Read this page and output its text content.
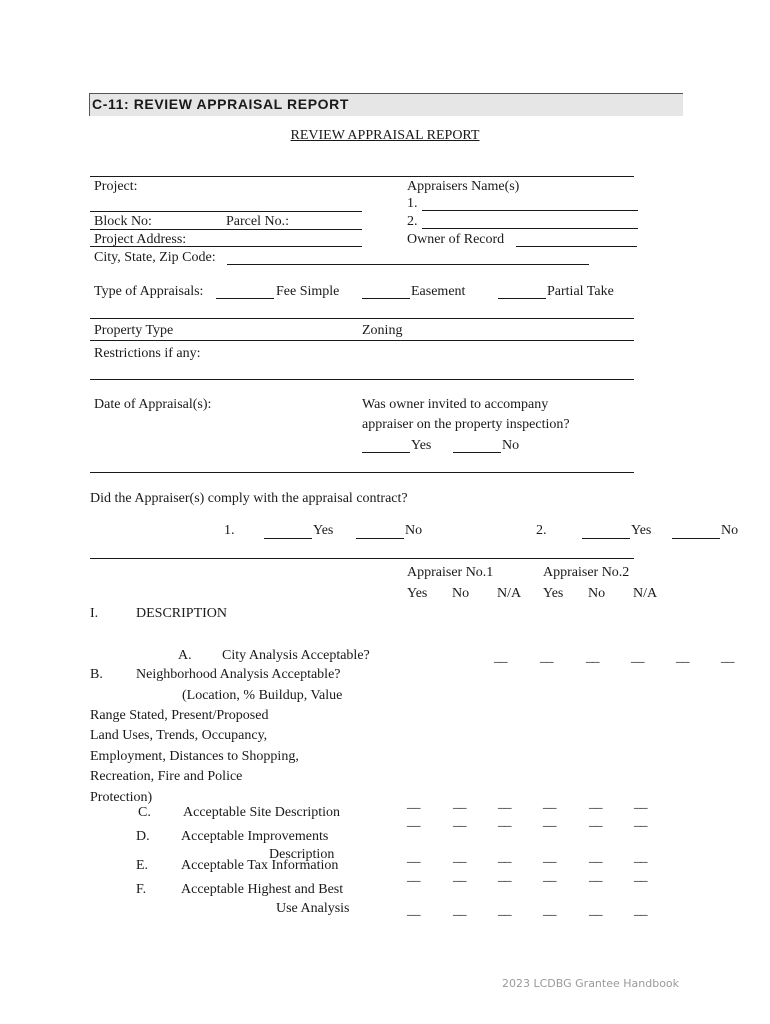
C-11: REVIEW APPRAISAL REPORT
REVIEW APPRAISAL REPORT
Project:	Appraisers Name(s)
1.
Block No:	Parcel No.:	2.
Project Address:	Owner of Record
City, State, Zip Code:
Type of Appraisals:	Fee Simple	Easement	Partial Take
Property Type	Zoning
Restrictions if any:
Date of Appraisal(s):	Was owner invited to accompany
appraiser on the property inspection?
Yes	No
Did the Appraiser(s) comply with the appraisal contract?
1.	Yes	No	2.	Yes	No
Appraiser No.1	Appraiser No.2
Yes No N/A Yes No N/A
I.	DESCRIPTION
A. City Analysis Acceptable?	__ __ __ __ __ __
B. Neighborhood Analysis Acceptable?
(Location, % Buildup, Value
Range Stated, Present/Proposed
Land Uses, Trends, Occupancy,
Employment, Distances to Shopping,
Recreation, Fire and Police
Protection)	__ __ __ __ __ __
C. Acceptable Site Description
__ __ __ __ __ __
D. Acceptable Improvements
Description	__ __ __ __ __ __
E. Acceptable Tax Information
__ __ __ __ __ __
F. Acceptable Highest and Best
Use Analysis	__ __ __ __ __ __
2023 LCDBG Grantee Handbook
